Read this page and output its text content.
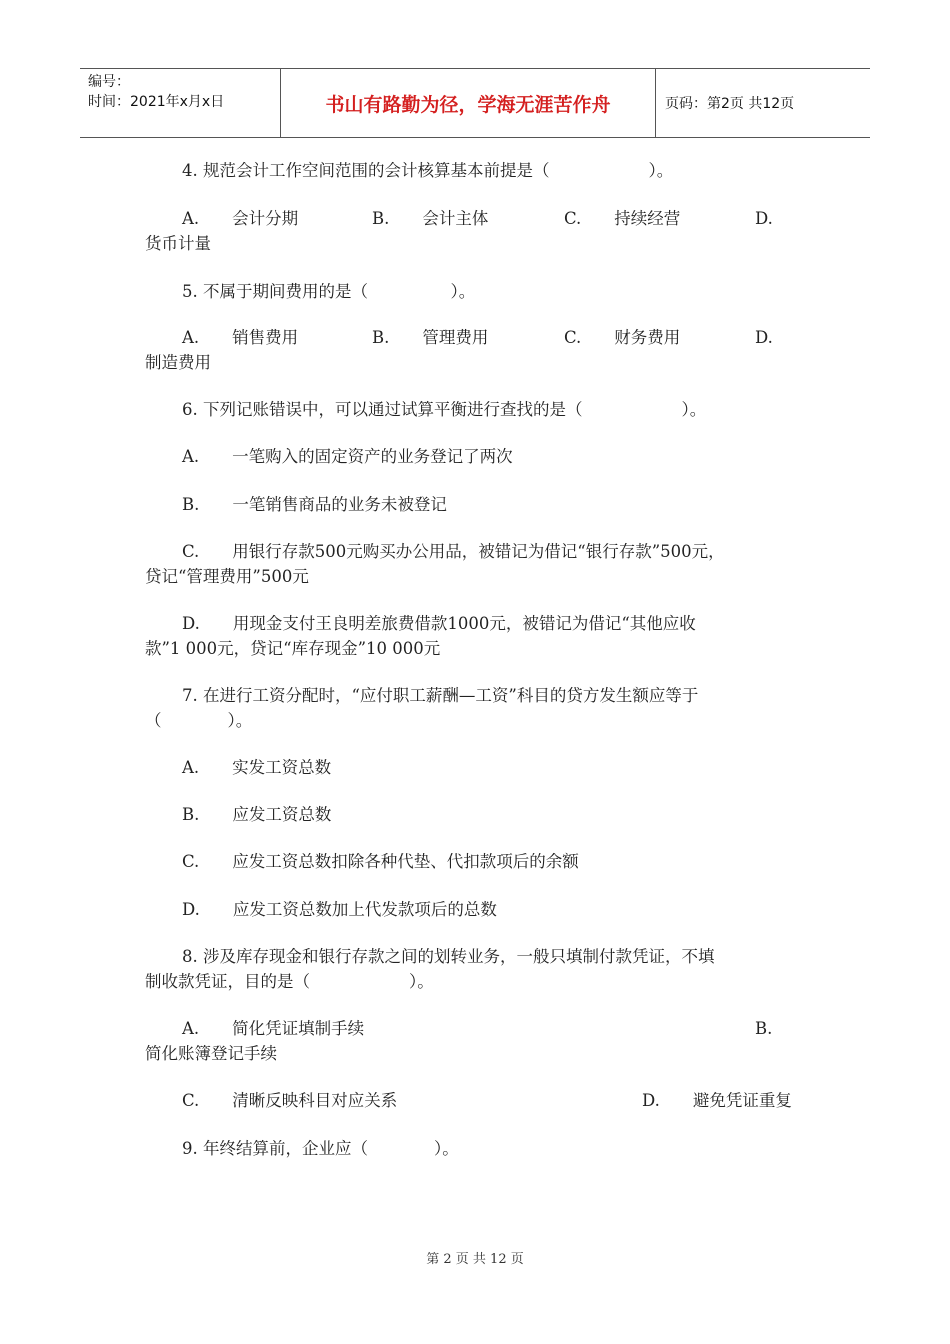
编号：
时间：2021年x月x日	书山有路勤为径，学海无涯苦作舟	页码：第2页 共12页
4. 规范会计工作空间范围的会计核算基本前提是（　　　　　　）。
A.　　会计分期	B.　　会计主体	C.　　持续经营	D.
货币计量
5. 不属于期间费用的是（　　　　　）。
A.　　销售费用	B.　　管理费用	C.　　财务费用	D.
制造费用
6. 下列记账错误中，可以通过试算平衡进行查找的是（　　　　　　）。
A.　　一笔购入的固定资产的业务登记了两次
B.　　一笔销售商品的业务未被登记
C.　　用银行存款500元购买办公用品，被错记为借记“银行存款”500元，
贷记“管理费用”500元
D.　　用现金支付王良明差旅费借款1000元，被错记为借记“其他应收
款”1 000元，贷记“库存现金”10 000元
7. 在进行工资分配时，“应付职工薪酬—工资”科目的贷方发生额应等于
（　　　　）。
A.　　实发工资总数
B.　　应发工资总数
C.　　应发工资总数扣除各种代垫、代扣款项后的余额
D.　　应发工资总数加上代发款项后的总数
8. 涉及库存现金和银行存款之间的划转业务，一般只填制付款凭证，不填
制收款凭证，目的是（　　　　　　）。
A.　　简化凭证填制手续	B.
简化账簿登记手续
C.　　清晰反映科目对应关系	D.　　避免凭证重复
9. 年终结算前，企业应（　　　　）。
第 2 页 共 12 页
